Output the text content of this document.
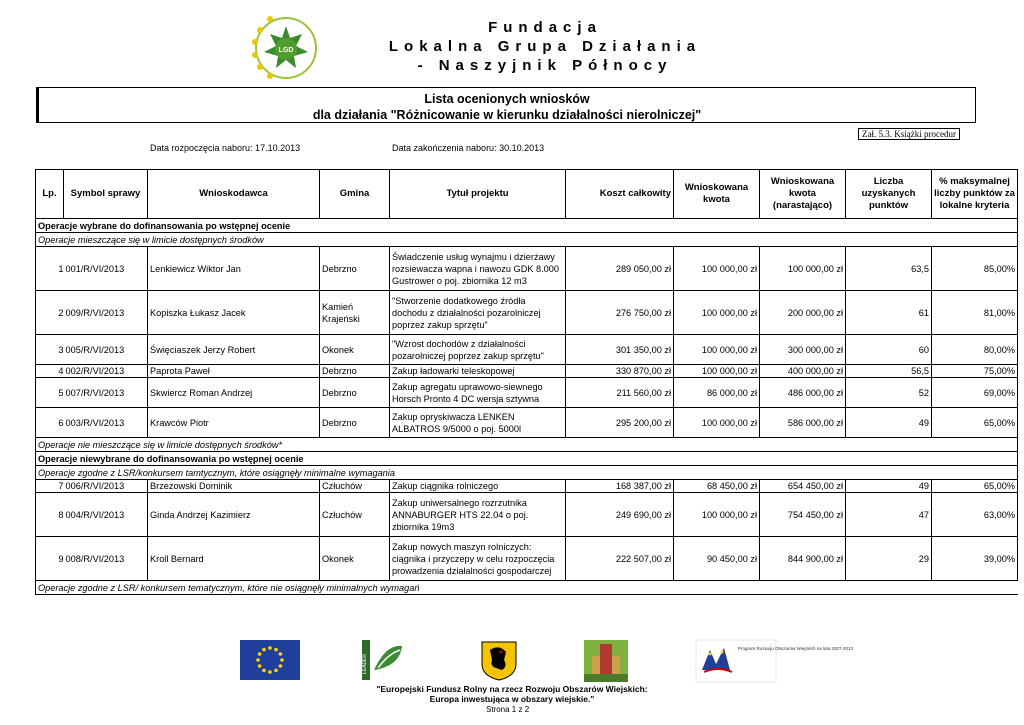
LGD
Fundacja
Lokalna Grupa Działania
- Naszyjnik Północy
Lista ocenionych wniosków
dla działania "Różnicowanie w kierunku działalności nierolniczej"
Zał. 5.3. Książki procedur
Data rozpoczęcia naboru: 17.10.2013	Data zakończenia naboru: 30.10.2013
Lp.	Symbol sprawy	Wnioskodawca	Gmina	Tytuł projektu	Koszt całkowity	Wnioskowana kwota	Wnioskowana kwota (narastająco)	Liczba uzyskanych punktów	% maksymalnej liczby punktów za lokalne kryteria
Operacje wybrane do dofinansowania po wstępnej ocenie									
Operacje mieszczące się w limicie dostępnych środków									
1	001/R/VI/2013	Lenkiewicz Wiktor Jan	Debrzno	Świadczenie usług wynajmu i dzierżawy rozsiewacza wapna i nawozu GDK 8.000 Gustrower o poj. zbiornika 12 m3	289 050,00 zł	100 000,00 zł	100 000,00 zł	63,5	85,00%
2	009/R/VI/2013	Kopiszka Łukasz Jacek	Kamień Krajeński	"Stworzenie dodatkowego źródła dochodu z działalności pozarolniczej poprzez zakup sprzętu"	276 750,00 zł	100 000,00 zł	200 000,00 zł	61	81,00%
3	005/R/VI/2013	Święciaszek Jerzy Robert	Okonek	"Wzrost dochodów z działalności pozarolniczej poprzez zakup sprzętu"	301 350,00 zł	100 000,00 zł	300 000,00 zł	60	80,00%
4	002/R/VI/2013	Paprota Paweł	Debrzno	Zakup ładowarki teleskopowej	330 870,00 zł	100 000,00 zł	400 000,00 zł	56,5	75,00%
5	007/R/VI/2013	Skwiercz Roman Andrzej	Debrzno	Zakup agregatu uprawowo-siewnego Horsch Pronto 4 DC wersja sztywna	211 560,00 zł	86 000,00 zł	486 000,00 zł	52	69,00%
6	003/R/VI/2013	Krawców Piotr	Debrzno	Zakup opryskiwacza LENKEN ALBATROS 9/5000 o poj. 5000l	295 200,00 zł	100 000,00 zł	586 000,00 zł	49	65,00%
Operacje nie mieszczące się w limicie dostępnych środków*									
Operacje niewybrane do dofinansowania po wstępnej ocenie									
Operacje zgodne z LSR/konkursem tamtycznym, które osiągnęły minimalne wymagania									
7	006/R/VI/2013	Brzezowski Dominik	Człuchów	Zakup ciągnika rolniczego	168 387,00 zł	68 450,00 zł	654 450,00 zł	49	65,00%
8	004/R/VI/2013	Ginda Andrzej Kazimierz	Człuchów	Zakup uniwersalnego rozrzutnika ANNABURGER HTS 22.04 o poj. zbiornika 19m3	249 690,00 zł	100 000,00 zł	754 450,00 zł	47	63,00%
9	008/R/VI/2013	Kroll Bernard	Okonek	Zakup nowych maszyn rolniczych: ciągnika i przyczepy w celu rozpoczęcia prowadzenia działalności gospodarczej	222 507,00 zł	90 450,00 zł	844 900,00 zł	29	39,00%
Operacje zgodne z LSR/ konkursem tematycznym, które nie osiągnęły minimalnych wymagań									
LEADER
Program Rozwoju Obszarów Wiejskich na lata 2007-2013
"Europejski Fundusz Rolny na rzecz Rozwoju Obszarów Wiejskich:
Europa inwestująca w obszary wiejskie."
Strona 1 z 2
